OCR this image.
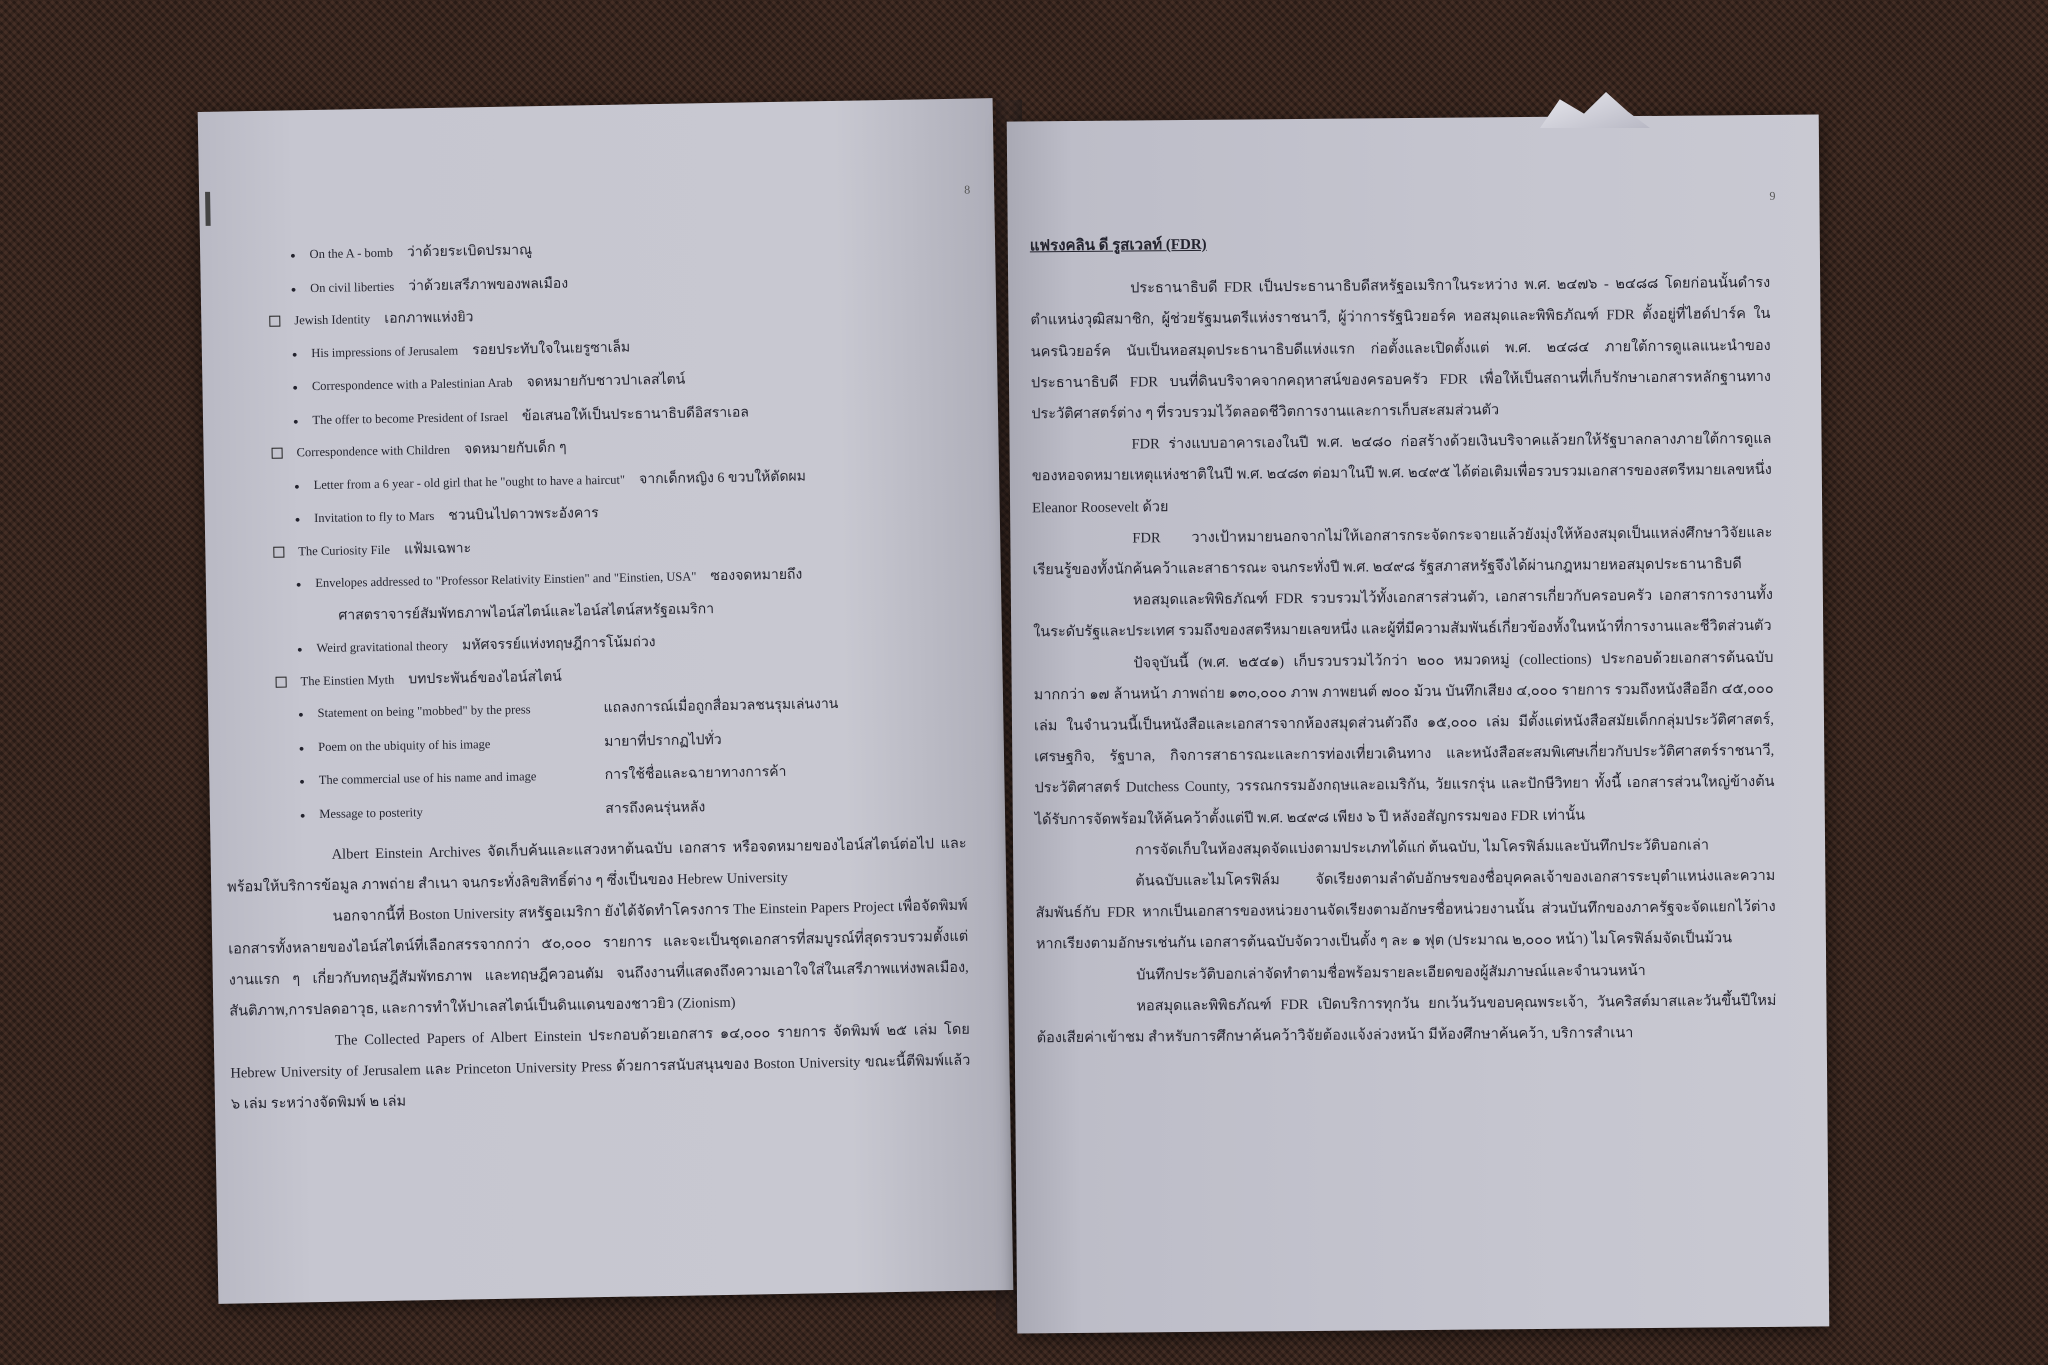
8
●
On the A - bomb ว่าด้วยระเบิดปรมาณู
●
On civil liberties ว่าด้วยเสรีภาพของพลเมือง
Jewish Identity เอกภาพแห่งยิว
●
His impressions of Jerusalem รอยประทับใจในเยรูซาเล็ม
●
Correspondence with a Palestinian Arab จดหมายกับชาวปาเลสไตน์
●
The offer to become President of Israel ข้อเสนอให้เป็นประธานาธิบดีอิสราเอล
Correspondence with Children จดหมายกับเด็ก ๆ
●
Letter from a 6 year - old girl that he "ought to have a haircut" จากเด็กหญิง 6 ขวบให้ตัดผม
●
Invitation to fly to Mars ชวนบินไปดาวพระอังคาร
The Curiosity File แฟ้มเฉพาะ
●
Envelopes addressed to "Professor Relativity Einstien" and "Einstien, USA" ซองจดหมายถึง
ศาสตราจารย์สัมพัทธภาพไอน์สไตน์และไอน์สไตน์สหรัฐอเมริกา
●
Weird gravitational theory มหัศจรรย์แห่งทฤษฎีการโน้มถ่วง
The Einstien Myth บทประพันธ์ของไอน์สไตน์
●
Statement on being "mobbed" by the press	แถลงการณ์เมื่อถูกสื่อมวลชนรุมเล่นงาน
●
Poem on the ubiquity of his image	มายาที่ปรากฏไปทั่ว
●
The commercial use of his name and image	การใช้ชื่อและฉายาทางการค้า
●
Message to posterity	สารถึงคนรุ่นหลัง

Albert Einstein Archives จัดเก็บค้นและแสวงหาต้นฉบับ เอกสาร หรือจดหมายของไอน์สไตน์ต่อไป และพร้อมให้บริการข้อมูล ภาพถ่าย สำเนา จนกระทั่งลิขสิทธิ์ต่าง ๆ ซึ่งเป็นของ Hebrew University

นอกจากนี้ที่ Boston University สหรัฐอเมริกา ยังได้จัดทำโครงการ The Einstein Papers Project เพื่อจัดพิมพ์เอกสารทั้งหลายของไอน์สไตน์ที่เลือกสรรจากกว่า ๕๐,๐๐๐ รายการ และจะเป็นชุดเอกสารที่สมบูรณ์ที่สุดรวบรวมตั้งแต่งานแรก ๆ เกี่ยวกับทฤษฎีสัมพัทธภาพ และทฤษฎีควอนตัม จนถึงงานที่แสดงถึงความเอาใจใส่ในเสรีภาพแห่งพลเมือง, สันติภาพ,การปลดอาวุธ, และการทำให้ปาเลสไตน์เป็นดินแดนของชาวยิว (Zionism)

The Collected Papers of Albert Einstein ประกอบด้วยเอกสาร ๑๔,๐๐๐ รายการ จัดพิมพ์ ๒๕ เล่ม โดย Hebrew University of Jerusalem และ Princeton University Press ด้วยการสนับสนุนของ Boston University ขณะนี้ตีพิมพ์แล้ว ๖ เล่ม ระหว่างจัดพิมพ์ ๒ เล่ม

9
แฟรงคลิน ดี รูสเวลท์ (FDR)

ประธานาธิบดี FDR เป็นประธานาธิบดีสหรัฐอเมริกาในระหว่าง พ.ศ. ๒๔๗๖ - ๒๔๘๘ โดยก่อนนั้นดำรงตำแหน่งวุฒิสมาชิก, ผู้ช่วยรัฐมนตรีแห่งราชนาวี, ผู้ว่าการรัฐนิวยอร์ค หอสมุดและพิพิธภัณฑ์ FDR ตั้งอยู่ที่ไฮด์ปาร์ค ในนครนิวยอร์ค นับเป็นหอสมุดประธานาธิบดีแห่งแรก ก่อตั้งและเปิดตั้งแต่ พ.ศ. ๒๔๘๔ ภายใต้การดูแลแนะนำของประธานาธิบดี FDR บนที่ดินบริจาคจากคฤหาสน์ของครอบครัว FDR เพื่อให้เป็นสถานที่เก็บรักษาเอกสารหลักฐานทางประวัติศาสตร์ต่าง ๆ ที่รวบรวมไว้ตลอดชีวิตการงานและการเก็บสะสมส่วนตัว

FDR ร่างแบบอาคารเองในปี พ.ศ. ๒๔๘๐ ก่อสร้างด้วยเงินบริจาคแล้วยกให้รัฐบาลกลางภายใต้การดูแลของหอจดหมายเหตุแห่งชาติในปี พ.ศ. ๒๔๘๓ ต่อมาในปี พ.ศ. ๒๔๙๕ ได้ต่อเติมเพื่อรวบรวมเอกสารของสตรีหมายเลขหนึ่ง Eleanor Roosevelt ด้วย

FDR วางเป้าหมายนอกจากไม่ให้เอกสารกระจัดกระจายแล้วยังมุ่งให้ห้องสมุดเป็นแหล่งศึกษาวิจัยและเรียนรู้ของทั้งนักค้นคว้าและสาธารณะ จนกระทั่งปี พ.ศ. ๒๔๙๘ รัฐสภาสหรัฐจึงได้ผ่านกฎหมายหอสมุดประธานาธิบดี

หอสมุดและพิพิธภัณฑ์ FDR รวบรวมไว้ทั้งเอกสารส่วนตัว, เอกสารเกี่ยวกับครอบครัว เอกสารการงานทั้งในระดับรัฐและประเทศ รวมถึงของสตรีหมายเลขหนึ่ง และผู้ที่มีความสัมพันธ์เกี่ยวข้องทั้งในหน้าที่การงานและชีวิตส่วนตัว

ปัจจุบันนี้ (พ.ศ. ๒๕๔๑) เก็บรวบรวมไว้กว่า ๒๐๐ หมวดหมู่ (collections) ประกอบด้วยเอกสารต้นฉบับมากกว่า ๑๗ ล้านหน้า ภาพถ่าย ๑๓๐,๐๐๐ ภาพ ภาพยนต์ ๗๐๐ ม้วน บันทึกเสียง ๔,๐๐๐ รายการ รวมถึงหนังสืออีก ๔๕,๐๐๐ เล่ม ในจำนวนนี้เป็นหนังสือและเอกสารจากห้องสมุดส่วนตัวถึง ๑๕,๐๐๐ เล่ม มีตั้งแต่หนังสือสมัยเด็กกลุ่มประวัติศาสตร์, เศรษฐกิจ, รัฐบาล, กิจการสาธารณะและการท่องเที่ยวเดินทาง และหนังสือสะสมพิเศษเกี่ยวกับประวัติศาสตร์ราชนาวี, ประวัติศาสตร์ Dutchess County, วรรณกรรมอังกฤษและอเมริกัน, วัยแรกรุ่น และปักษีวิทยา ทั้งนี้ เอกสารส่วนใหญ่ข้างต้นได้รับการจัดพร้อมให้ค้นคว้าตั้งแต่ปี พ.ศ. ๒๔๙๘ เพียง ๖ ปี หลังอสัญกรรมของ FDR เท่านั้น

การจัดเก็บในห้องสมุดจัดแบ่งตามประเภทได้แก่ ต้นฉบับ, ไมโครฟิล์มและบันทึกประวัติบอกเล่า

ต้นฉบับและไมโครฟิล์ม จัดเรียงตามลำดับอักษรของชื่อบุคคลเจ้าของเอกสารระบุตำแหน่งและความสัมพันธ์กับ FDR หากเป็นเอกสารของหน่วยงานจัดเรียงตามอักษรชื่อหน่วยงานนั้น ส่วนบันทึกของภาครัฐจะจัดแยกไว้ต่างหากเรียงตามอักษรเช่นกัน เอกสารต้นฉบับจัดวางเป็นตั้ง ๆ ละ ๑ ฟุต (ประมาณ ๒,๐๐๐ หน้า) ไมโครฟิล์มจัดเป็นม้วน

บันทึกประวัติบอกเล่าจัดทำตามชื่อพร้อมรายละเอียดของผู้สัมภาษณ์และจำนวนหน้า

หอสมุดและพิพิธภัณฑ์ FDR เปิดบริการทุกวัน ยกเว้นวันขอบคุณพระเจ้า, วันคริสต์มาสและวันขึ้นปีใหม่ ต้องเสียค่าเข้าชม สำหรับการศึกษาค้นคว้าวิจัยต้องแจ้งล่วงหน้า มีห้องศึกษาค้นคว้า, บริการสำเนา
